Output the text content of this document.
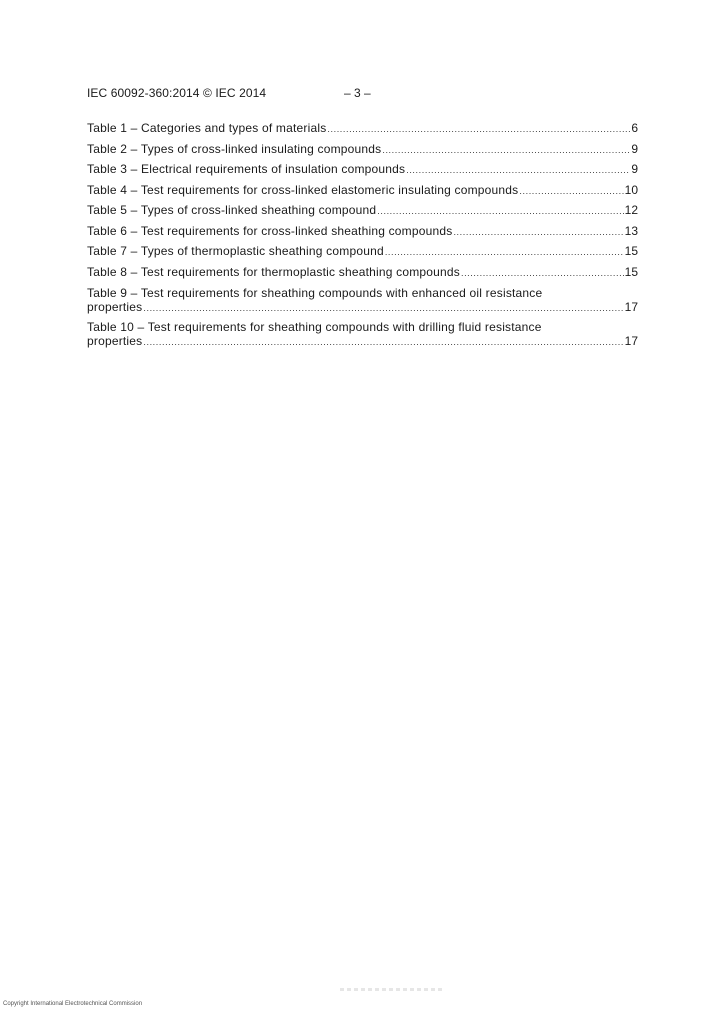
IEC 60092-360:2014 © IEC 2014	– 3 –
Table 1 – Categories and types of materials .....	6
Table 2 – Types of cross-linked insulating compounds .....	9
Table 3 – Electrical requirements of insulation compounds .....	9
Table 4 – Test requirements for cross-linked elastomeric insulating compounds .....	10
Table 5 – Types of cross-linked sheathing compound .....	12
Table 6 – Test requirements for cross-linked sheathing compounds .....	13
Table 7 – Types of thermoplastic sheathing compound .....	15
Table 8 – Test requirements for thermoplastic sheathing compounds .....	15
Table 9 – Test requirements for sheathing compounds with enhanced oil resistance
properties .....	17
Table 10 – Test requirements for sheathing compounds with drilling fluid resistance
properties .....	17
Copyright International Electrotechnical Commission
